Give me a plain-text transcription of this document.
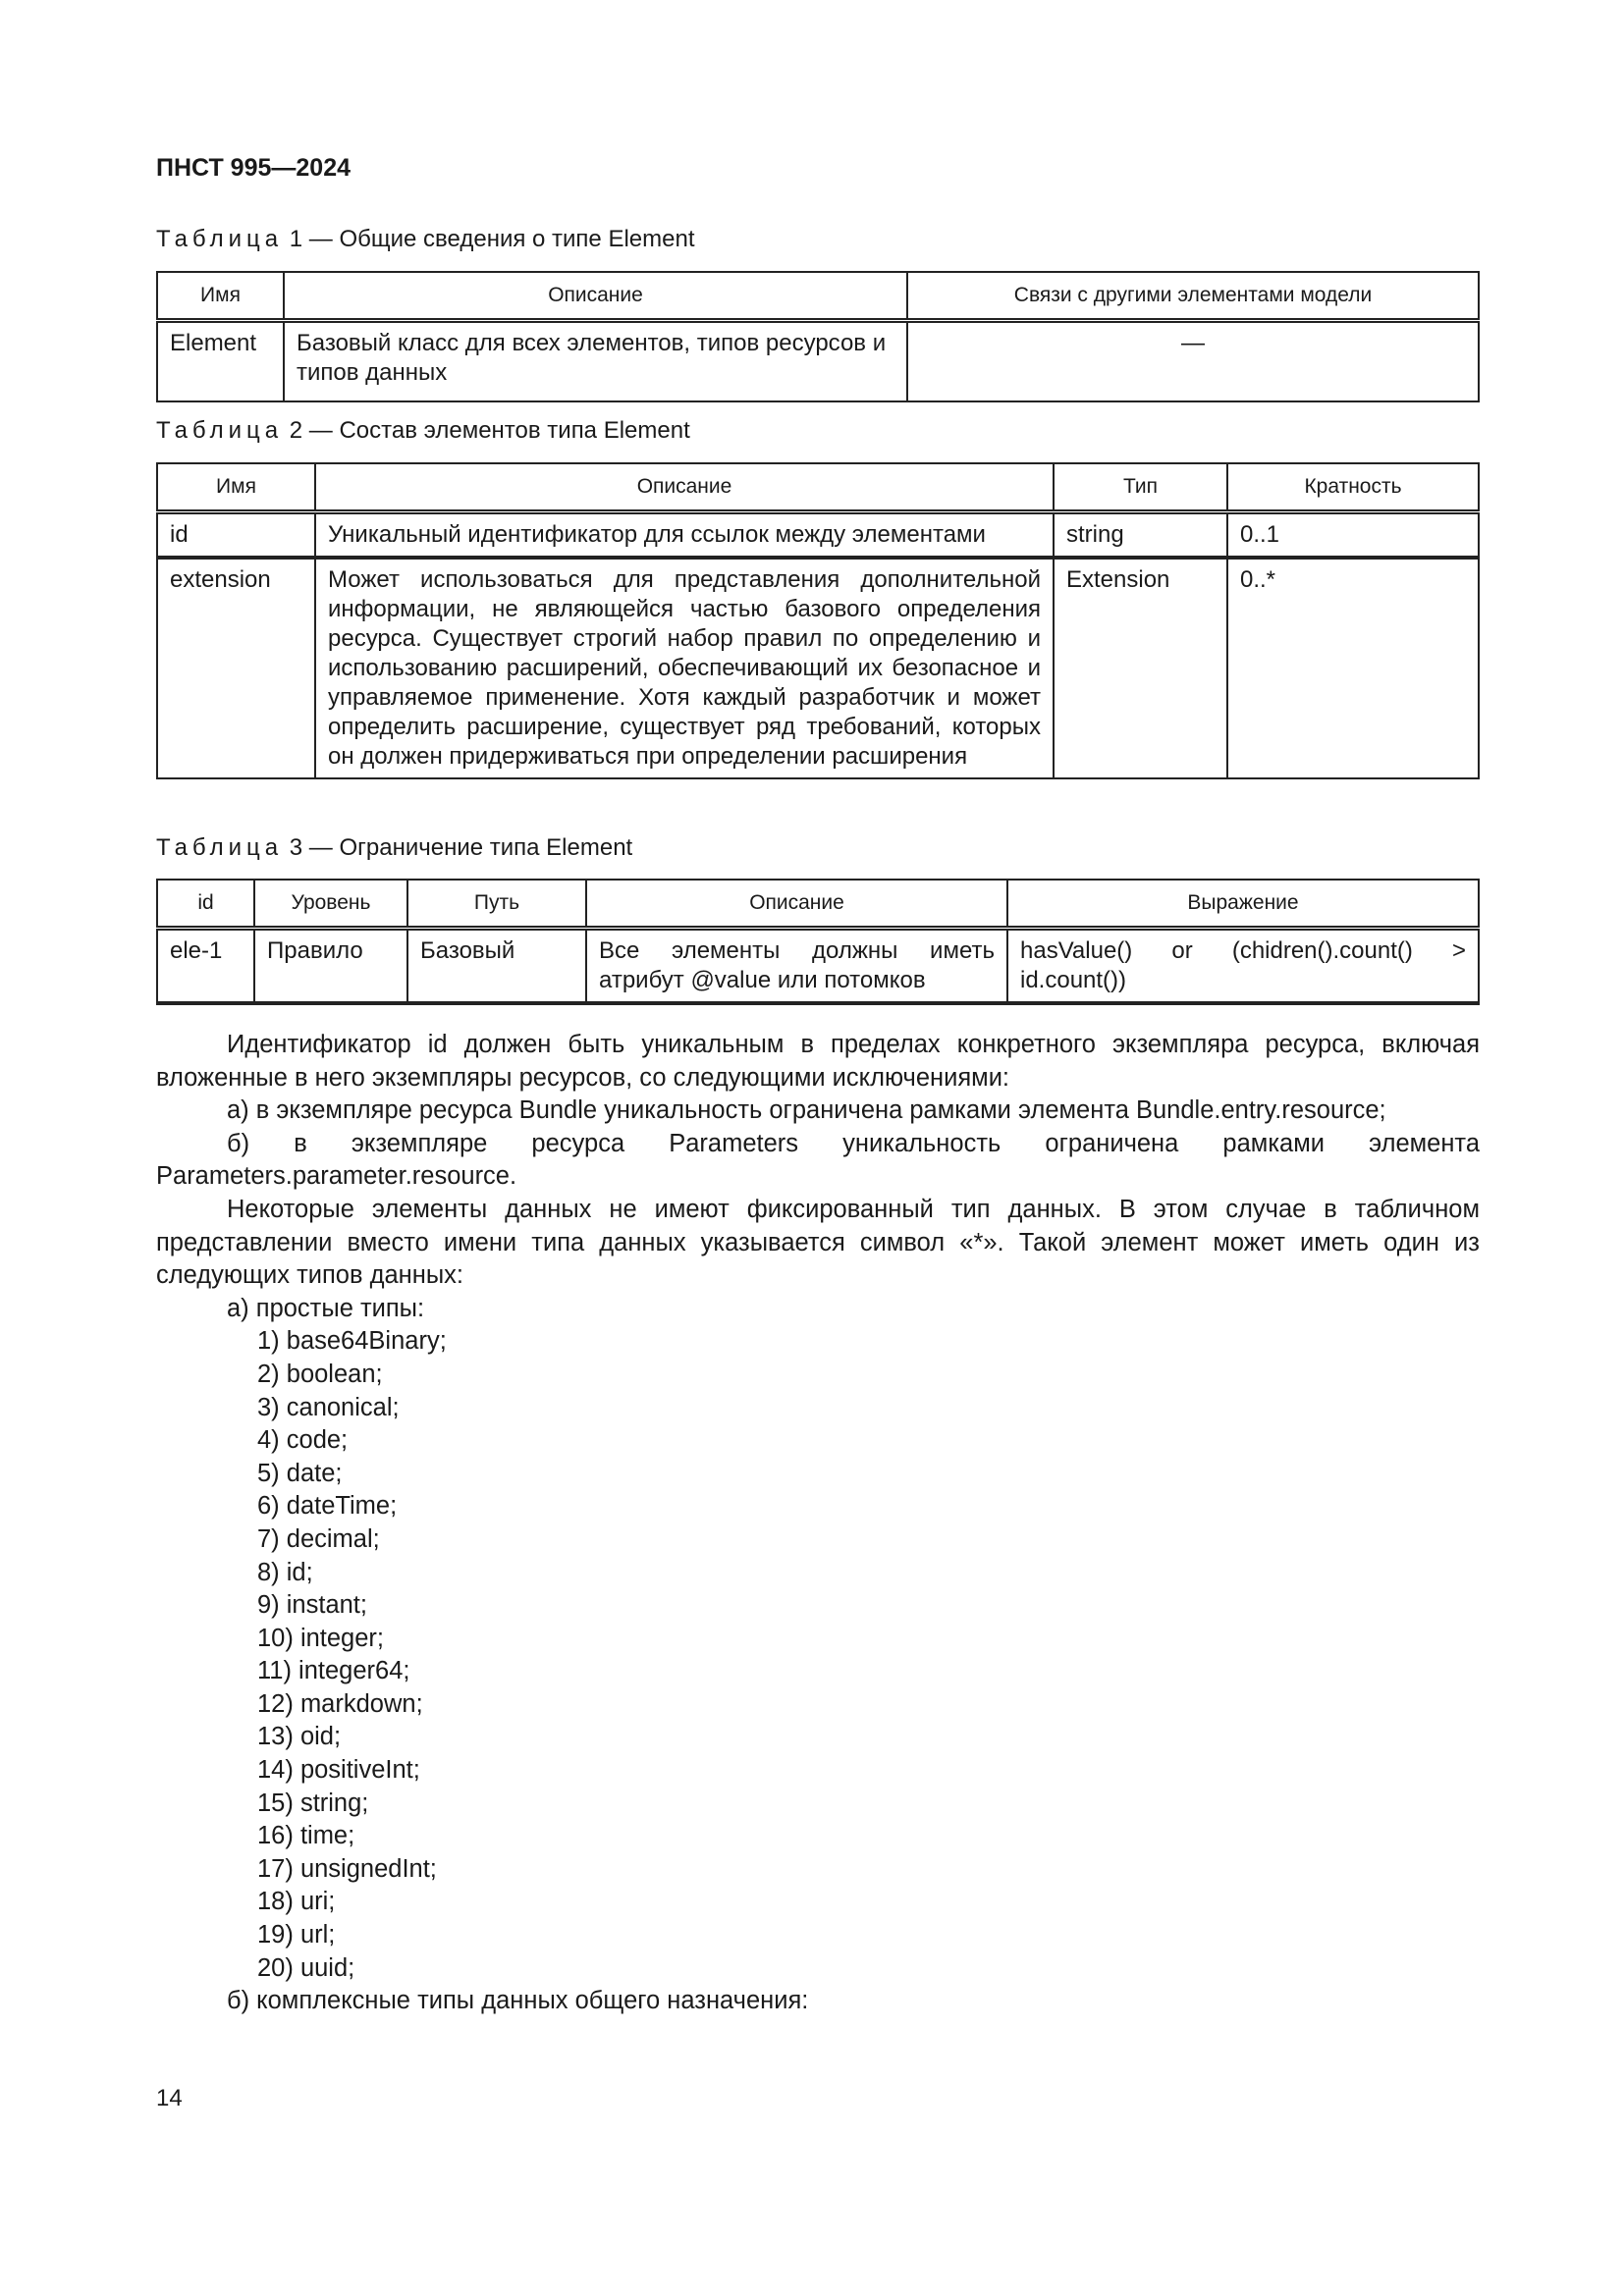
ПНСТ 995—2024
Таблица 1 — Общие сведения о типе Element
Имя	Описание	Связи с другими элементами модели
Element	Базовый класс для всех элементов, типов ресурсов и типов данных	—
Таблица 2 — Состав элементов типа Element
Имя	Описание	Тип	Кратность
id	Уникальный идентификатор для ссылок между элементами	string	0..1
extension	Может использоваться для представления дополнительной информации, не являющейся частью базового определения ресурса. Существует строгий набор правил по определению и использованию расширений, обеспечивающий их безопасное и управляемое применение. Хотя каждый разработчик и может определить расширение, существует ряд требований, которых он должен придерживаться при определении расширения	Extension	0..*
Таблица 3 — Ограничение типа Element
id	Уровень	Путь	Описание	Выражение
ele-1	Правило	Базовый	Все элементы должны иметь атрибут @value или потомков	hasValue() or (chidren().count() > id.count())

Идентификатор id должен быть уникальным в пределах конкретного экземпляра ресурса, включая вложенные в него экземпляры ресурсов, со следующими исключениями:

а) в экземпляре ресурса Bundle уникальность ограничена рамками элемента Bundle.entry.resource;

б) в экземпляре ресурса Parameters уникальность ограничена рамками элемента Parameters.parameter.resource.

Некоторые элементы данных не имеют фиксированный тип данных. В этом случае в табличном представлении вместо имени типа данных указывается символ «*». Такой элемент может иметь один из следующих типов данных:

а) простые типы:

1) base64Binary;

2) boolean;

3) canonical;

4) code;

5) date;

6) dateTime;

7) decimal;

8) id;

9) instant;

10) integer;

11) integer64;

12) markdown;

13) oid;

14) positiveInt;

15) string;

16) time;

17) unsignedInt;

18) uri;

19) url;

20) uuid;

б) комплексные типы данных общего назначения:

14
